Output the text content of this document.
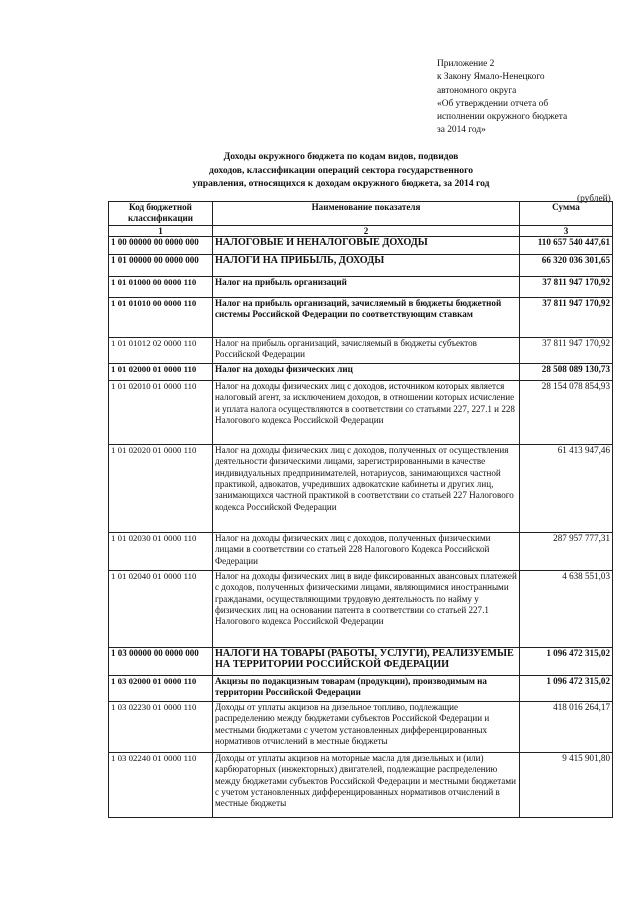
Приложение 2
к Закону Ямало-Ненецкого
автономного округа
«Об утверждении отчета об
исполнении окружного бюджета
за 2014 год»
Доходы окружного бюджета по кодам видов, подвидов
доходов, классификации операций сектора государственного
управления, относящихся к доходам окружного бюджета, за 2014 год
(рублей)
Код бюджетной классификации	Наименование показателя	Сумма
1	2	3
1 00 00000 00 0000 000	НАЛОГОВЫЕ И НЕНАЛОГОВЫЕ ДОХОДЫ	110 657 540 447,61
1 01 00000 00 0000 000	НАЛОГИ НА ПРИБЫЛЬ, ДОХОДЫ	66 320 036 301,65
1 01 01000 00 0000 110	Налог на прибыль организаций	37 811 947 170,92
1 01 01010 00 0000 110	Налог на прибыль организаций, зачисляемый в бюджеты бюджетной системы Российской Федерации по соответствующим ставкам	37 811 947 170,92
1 01 01012 02 0000 110	Налог на прибыль организаций, зачисляемый в бюджеты субъектов Российской Федерации	37 811 947 170,92
1 01 02000 01 0000 110	Налог на доходы физических лиц	28 508 089 130,73
1 01 02010 01 0000 110	Налог на доходы физических лиц с доходов, источником которых является налоговый агент, за исключением доходов, в отношении которых исчисление и уплата налога осуществляются в соответствии со статьями 227, 227.1 и 228 Налогового кодекса Российской Федерации	28 154 078 854,93
1 01 02020 01 0000 110	Налог на доходы физических лиц с доходов, полученных от осуществления деятельности физическими лицами, зарегистрированными в качестве индивидуальных предпринимателей, нотариусов, занимающихся частной практикой, адвокатов, учредивших адвокатские кабинеты и других лиц, занимающихся частной практикой в соответствии со статьей 227 Налогового кодекса Российской Федерации	61 413 947,46
1 01 02030 01 0000 110	Налог на доходы физических лиц с доходов, полученных физическими лицами в соответствии со статьей 228 Налогового Кодекса Российской Федерации	287 957 777,31
1 01 02040 01 0000 110	Налог на доходы физических лиц в виде фиксированных авансовых платежей с доходов, полученных физическими лицами, являющимися иностранными гражданами, осуществляющими трудовую деятельность по найму у физических лиц на основании патента в соответствии со статьей 227.1 Налогового кодекса Российской Федерации	4 638 551,03
1 03 00000 00 0000 000	НАЛОГИ НА ТОВАРЫ (РАБОТЫ, УСЛУГИ), РЕАЛИЗУЕМЫЕ НА ТЕРРИТОРИИ РОССИЙСКОЙ ФЕДЕРАЦИИ	1 096 472 315,02
1 03 02000 01 0000 110	Акцизы по подакцизным товарам (продукции), производимым на территории Российской Федерации	1 096 472 315,02
1 03 02230 01 0000 110	Доходы от уплаты акцизов на дизельное топливо, подлежащие распределению между бюджетами субъектов Российской Федерации и местными бюджетами с учетом установленных дифференцированных нормативов отчислений в местные бюджеты	418 016 264,17
1 03 02240 01 0000 110	Доходы от уплаты акцизов на моторные масла для дизельных и (или) карбюраторных (инжекторных) двигателей, подлежащие распределению между бюджетами субъектов Российской Федерации и местными бюджетами с учетом установленных дифференцированных нормативов отчислений в местные бюджеты	9 415 901,80
